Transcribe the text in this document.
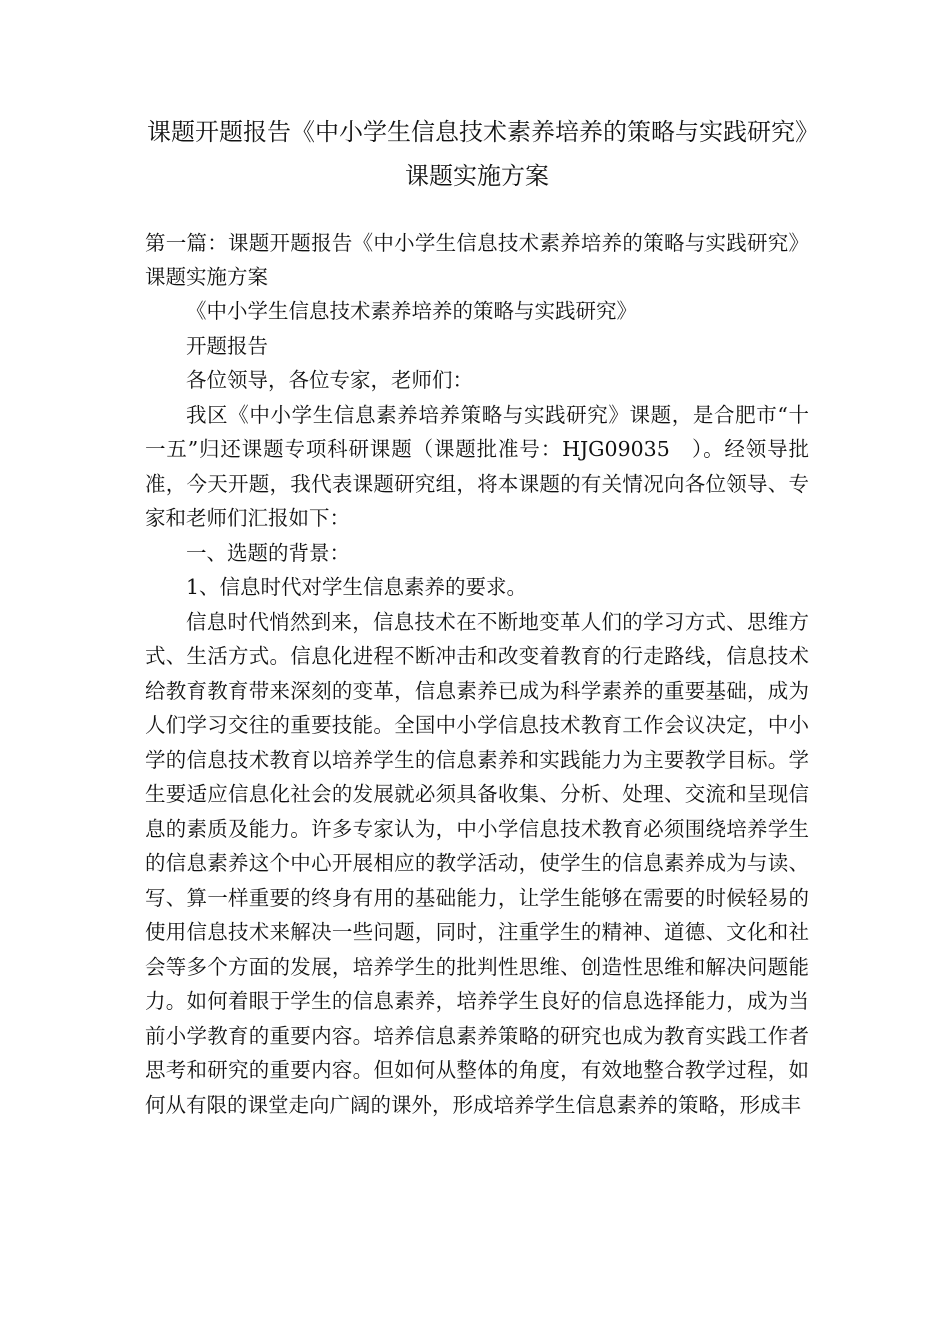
课题开题报告《中小学生信息技术素养培养的策略与实践研究》课题实施方案

第一篇：课题开题报告《中小学生信息技术素养培养的策略与实践研究》课题实施方案

《中小学生信息技术素养培养的策略与实践研究》

开题报告

各位领导，各位专家，老师们：

我区《中小学生信息素养培养策略与实践研究》课题，是合肥市“十一五”归还课题专项科研课题（课题批准号：HJG09035　）。经领导批准，今天开题，我代表课题研究组，将本课题的有关情况向各位领导、专家和老师们汇报如下：

一、选题的背景：

1、信息时代对学生信息素养的要求。

信息时代悄然到来，信息技术在不断地变革人们的学习方式、思维方式、生活方式。信息化进程不断冲击和改变着教育的行走路线，信息技术给教育教育带来深刻的变革，信息素养已成为科学素养的重要基础，成为人们学习交往的重要技能。全国中小学信息技术教育工作会议决定，中小学的信息技术教育以培养学生的信息素养和实践能力为主要教学目标。学生要适应信息化社会的发展就必须具备收集、分析、处理、交流和呈现信息的素质及能力。许多专家认为，中小学信息技术教育必须围绕培养学生的信息素养这个中心开展相应的教学活动，使学生的信息素养成为与读、写、算一样重要的终身有用的基础能力，让学生能够在需要的时候轻易的使用信息技术来解决一些问题，同时，注重学生的精神、道德、文化和社会等多个方面的发展，培养学生的批判性思维、创造性思维和解决问题能力。如何着眼于学生的信息素养，培养学生良好的信息选择能力，成为当前小学教育的重要内容。培养信息素养策略的研究也成为教育实践工作者思考和研究的重要内容。但如何从整体的角度，有效地整合教学过程，如何从有限的课堂走向广阔的课外，形成培养学生信息素养的策略，形成丰
